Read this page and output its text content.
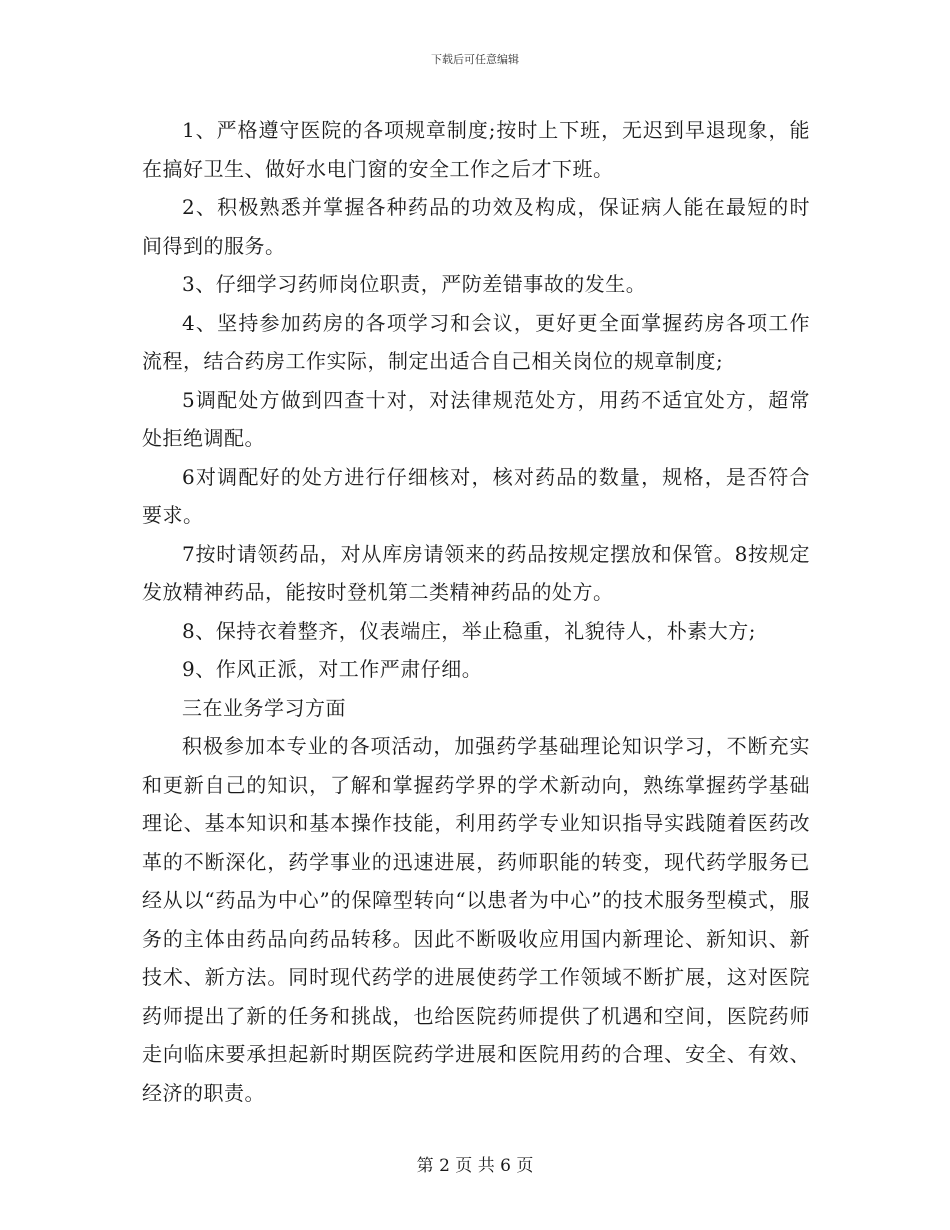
下载后可任意编辑

1、严格遵守医院的各项规章制度;按时上下班，无迟到早退现象，能在搞好卫生、做好水电门窗的安全工作之后才下班。

2、积极熟悉并掌握各种药品的功效及构成，保证病人能在最短的时间得到的服务。

3、仔细学习药师岗位职责，严防差错事故的发生。

4、坚持参加药房的各项学习和会议，更好更全面掌握药房各项工作流程，结合药房工作实际，制定出适合自己相关岗位的规章制度;

5调配处方做到四查十对，对法律规范处方，用药不适宜处方，超常处拒绝调配。

6对调配好的处方进行仔细核对，核对药品的数量，规格，是否符合要求。

7按时请领药品，对从库房请领来的药品按规定摆放和保管。8按规定发放精神药品，能按时登机第二类精神药品的处方。

8、保持衣着整齐，仪表端庄，举止稳重，礼貌待人，朴素大方;

9、作风正派，对工作严肃仔细。

三在业务学习方面

积极参加本专业的各项活动，加强药学基础理论知识学习，不断充实和更新自己的知识，了解和掌握药学界的学术新动向，熟练掌握药学基础理论、基本知识和基本操作技能，利用药学专业知识指导实践随着医药改革的不断深化，药学事业的迅速进展，药师职能的转变，现代药学服务已经从以“药品为中心”的保障型转向“以患者为中心”的技术服务型模式，服务的主体由药品向药品转移。因此不断吸收应用国内新理论、新知识、新技术、新方法。同时现代药学的进展使药学工作领域不断扩展，这对医院药师提出了新的任务和挑战，也给医院药师提供了机遇和空间，医院药师走向临床要承担起新时期医院药学进展和医院用药的合理、安全、有效、经济的职责。

第 2 页 共 6 页
